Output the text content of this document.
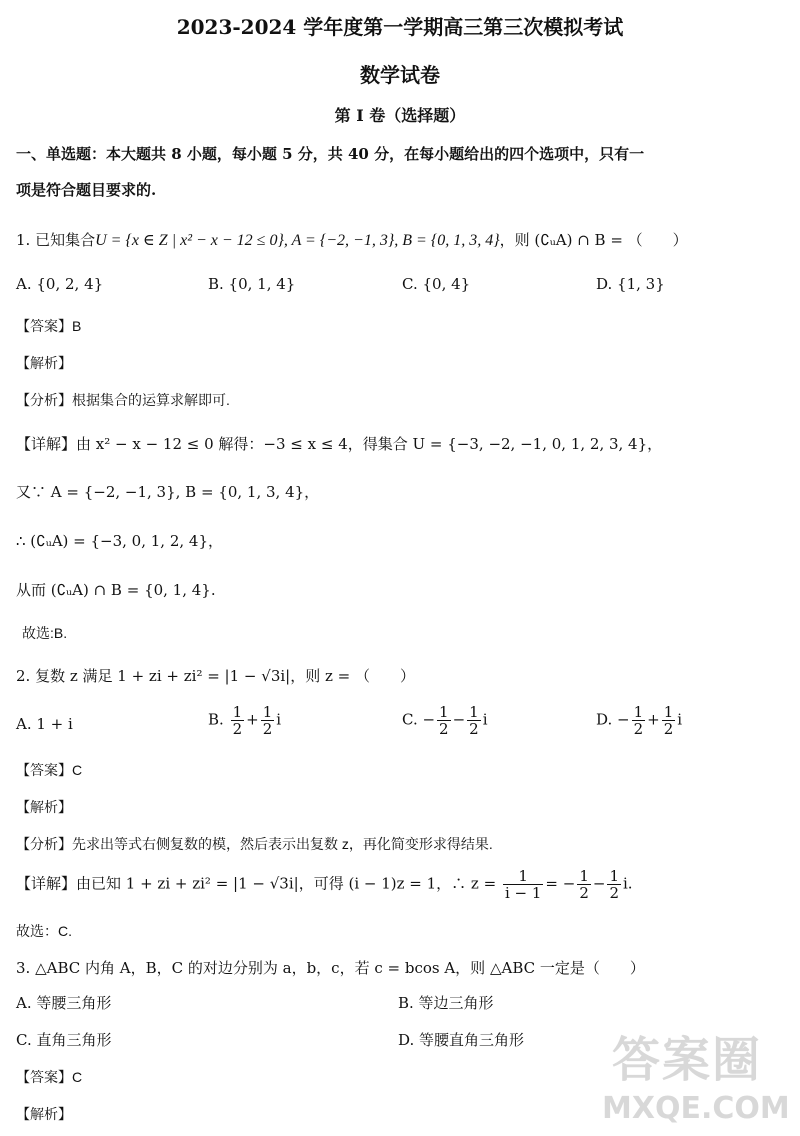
2023-2024 学年度第一学期高三第三次模拟考试
数学试卷
第 I 卷（选择题）
一、单选题：本大题共 8 小题，每小题 5 分，共 40 分，在每小题给出的四个选项中，只有一
项是符合题目要求的.
1. 已知集合U = {x ∈ Z | x² − x − 12 ≤ 0}, A = {−2, −1, 3}, B = {0, 1, 3, 4}，则 (∁ᵤA) ∩ B = （　　）
A. {0, 2, 4}	B. {0, 1, 4}	C. {0, 4}	D. {1, 3}
【答案】B
【解析】
【分析】根据集合的运算求解即可.
【详解】由 x² − x − 12 ≤ 0 解得：−3 ≤ x ≤ 4，得集合 U = {−3, −2, −1, 0, 1, 2, 3, 4}，
又∵ A = {−2, −1, 3}, B = {0, 1, 3, 4}，
∴ (∁ᵤA) = {−3, 0, 1, 2, 4}，
从而 (∁ᵤA) ∩ B = {0, 1, 4}.
故选:B.
2. 复数 z 满足 1 + zi + zi² = |1 − √3i|，则 z = （　　）
A. 1 + i	B. $\frac{1}{2} + \frac{1}{2}$ i	C. − $\frac{1}{2} - \frac{1}{2}$ i	D. − $\frac{1}{2} + \frac{1}{2}$ i
【答案】C
【解析】
【分析】先求出等式右侧复数的模，然后表示出复数 z，再化简变形求得结果.
【详解】由已知 1 + zi + zi² = |1 − √3i|，可得 (i − 1)z = 1，∴ $z = \frac{1}{i - 1}$ = − $\frac{1}{2} - \frac{1}{2} i$.
故选：C.
3. △ABC 内角 A，B，C 的对边分别为 a，b，c，若 c = bcos A，则 △ABC 一定是（　　）
A. 等腰三角形	B. 等边三角形
C. 直角三角形	D. 等腰直角三角形
【答案】C
【解析】
答案圈
MXQE.COM
